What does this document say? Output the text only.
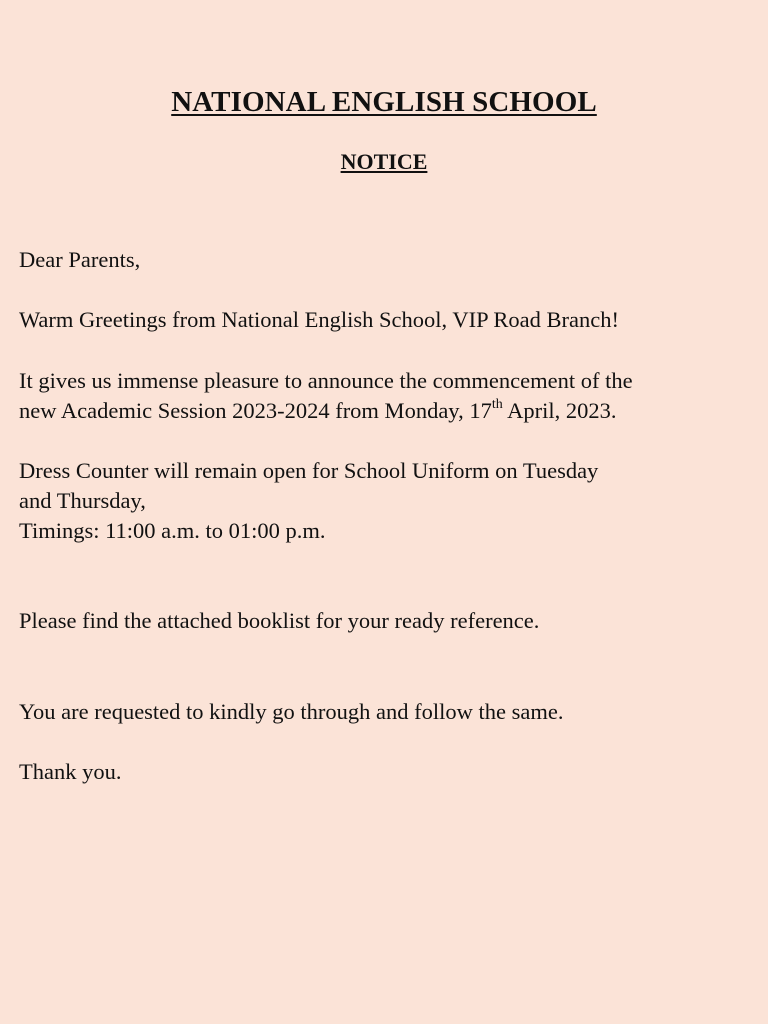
NATIONAL ENGLISH SCHOOL
NOTICE

Dear Parents,

Warm Greetings from National English School, VIP Road Branch!

It gives us immense pleasure to announce the commencement of the
new Academic Session 2023-2024 from Monday, 17th April, 2023.

Dress Counter will remain open for School Uniform on Tuesday
and Thursday,
Timings: 11:00 a.m. to 01:00 p.m.

Please find the attached booklist for your ready reference.

You are requested to kindly go through and follow the same.

Thank you.
